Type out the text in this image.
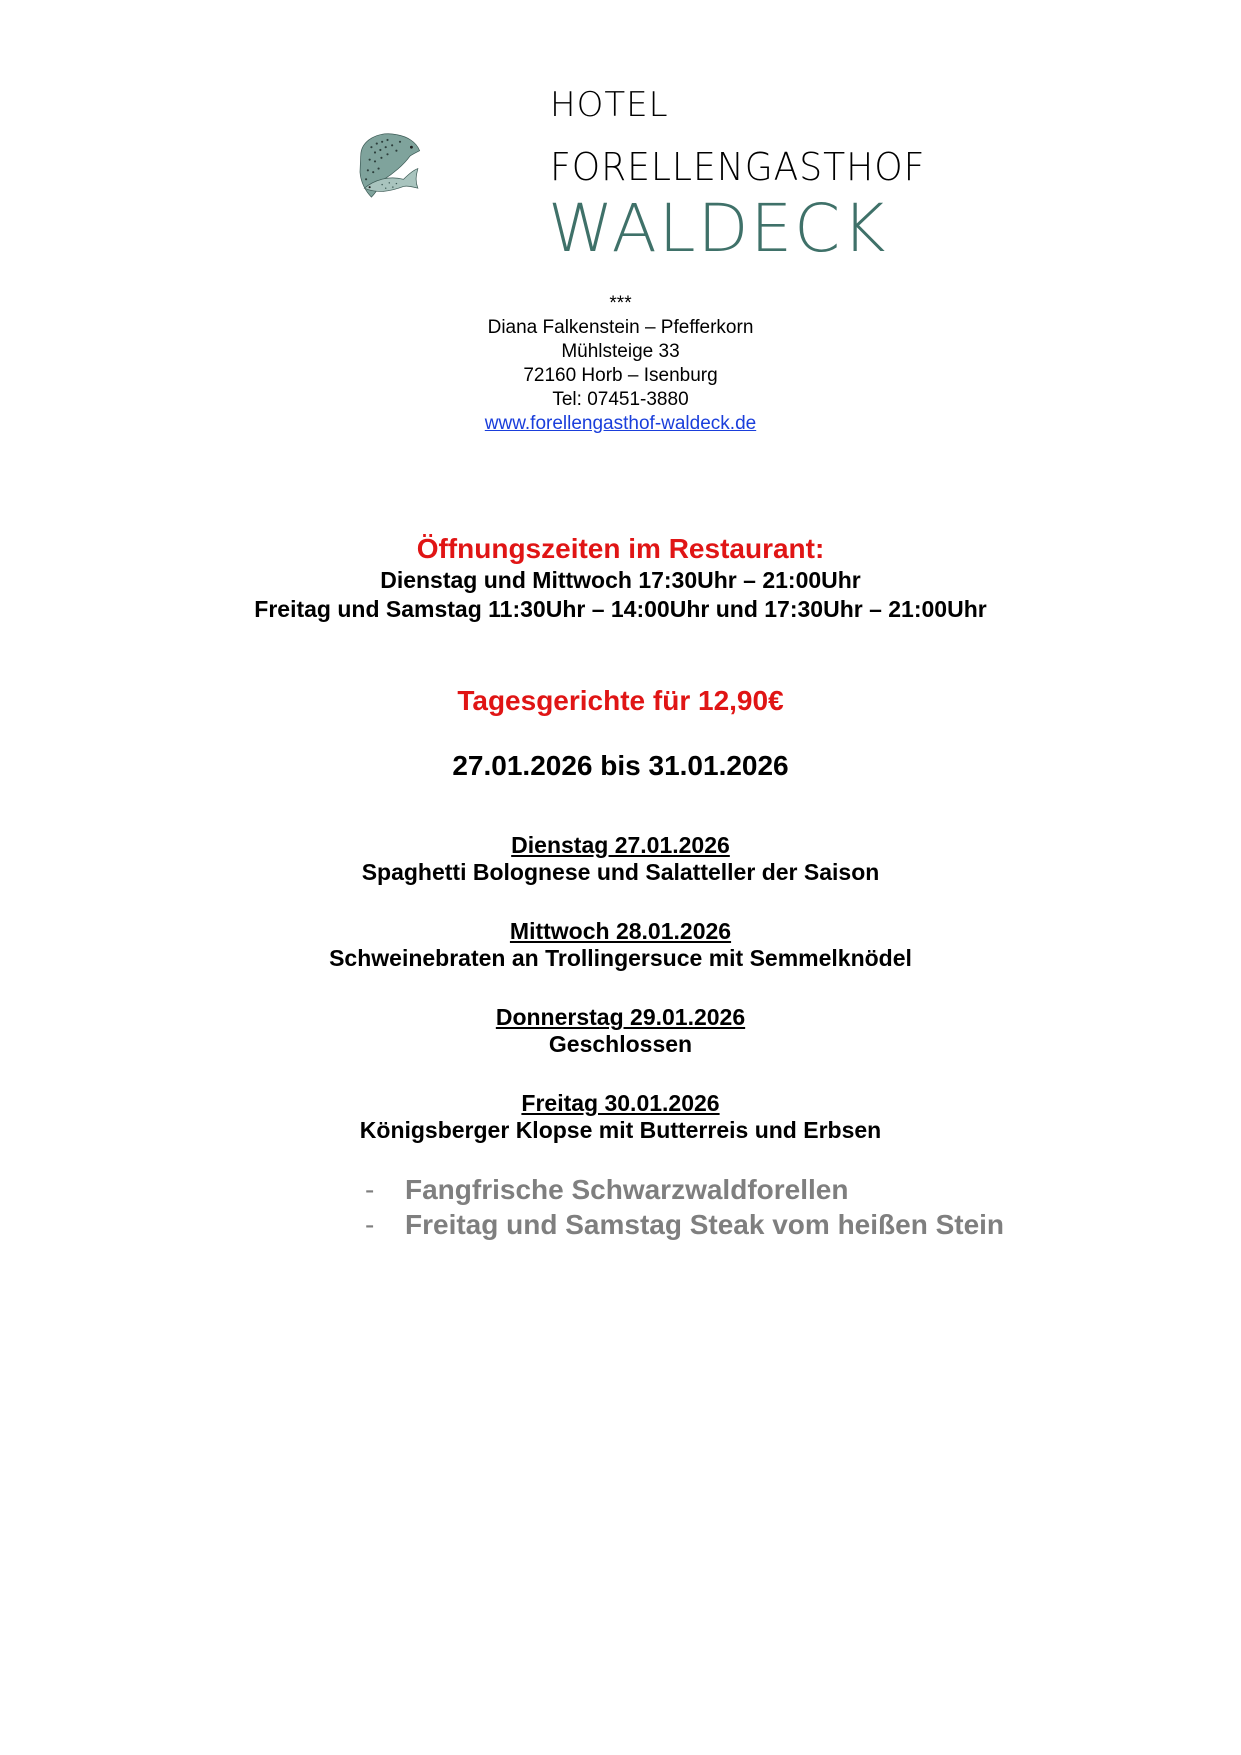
HOTEL
FORELLENGASTHOF
WALDECK
***
Diana Falkenstein – Pfefferkorn
Mühlsteige 33
72160 Horb – Isenburg
Tel: 07451-3880
www.forellengasthof-waldeck.de
Öffnungszeiten im Restaurant:
Dienstag und Mittwoch 17:30Uhr – 21:00Uhr
Freitag und Samstag 11:30Uhr – 14:00Uhr und 17:30Uhr – 21:00Uhr
Tagesgerichte für 12,90€
27.01.2026 bis 31.01.2026
Dienstag 27.01.2026
Spaghetti Bolognese und Salatteller der Saison
Mittwoch 28.01.2026
Schweinebraten an Trollingersuce mit Semmelknödel
Donnerstag 29.01.2026
Geschlossen
Freitag 30.01.2026
Königsberger Klopse mit Butterreis und Erbsen
- Fangfrische Schwarzwaldforellen
- Freitag und Samstag Steak vom heißen Stein
